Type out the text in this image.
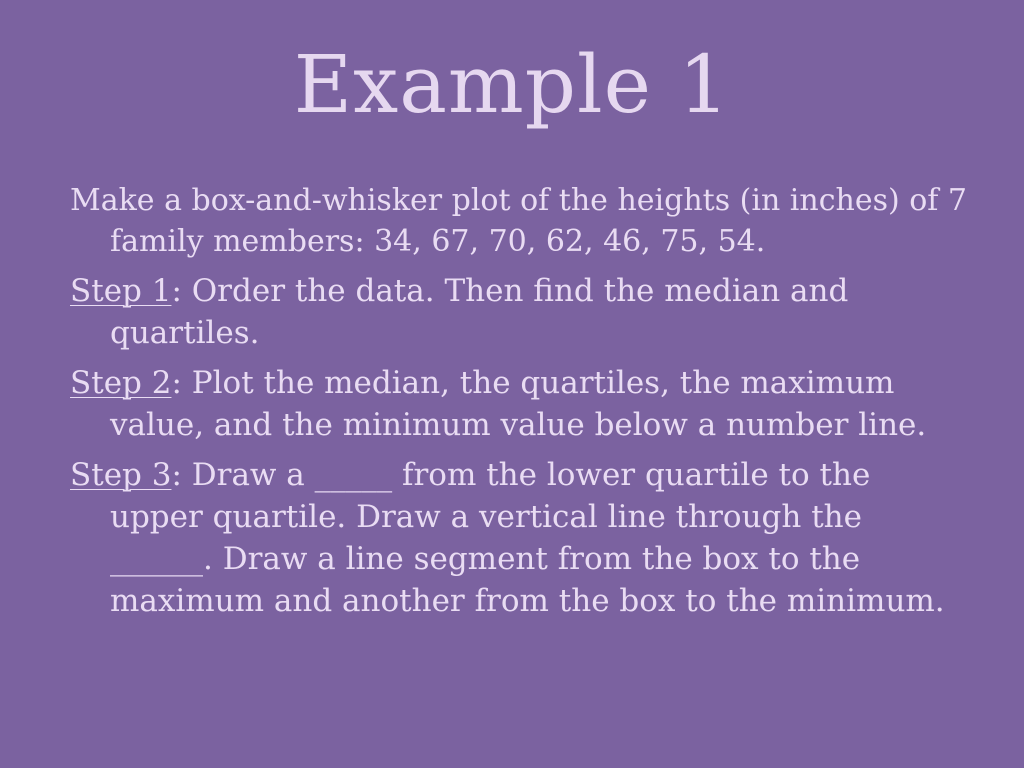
Example 1

Make a box-and-whisker plot of the heights (in inches) of 7 family members: 34, 67, 70, 62, 46, 75, 54.

Step 1: Order the data. Then find the median and quartiles.

Step 2: Plot the median, the quartiles, the maximum value, and the minimum value below a number line.

Step 3: Draw a _____ from the lower quartile to the upper quartile. Draw a vertical line through the ______. Draw a line segment from the box to the maximum and another from the box to the minimum.
